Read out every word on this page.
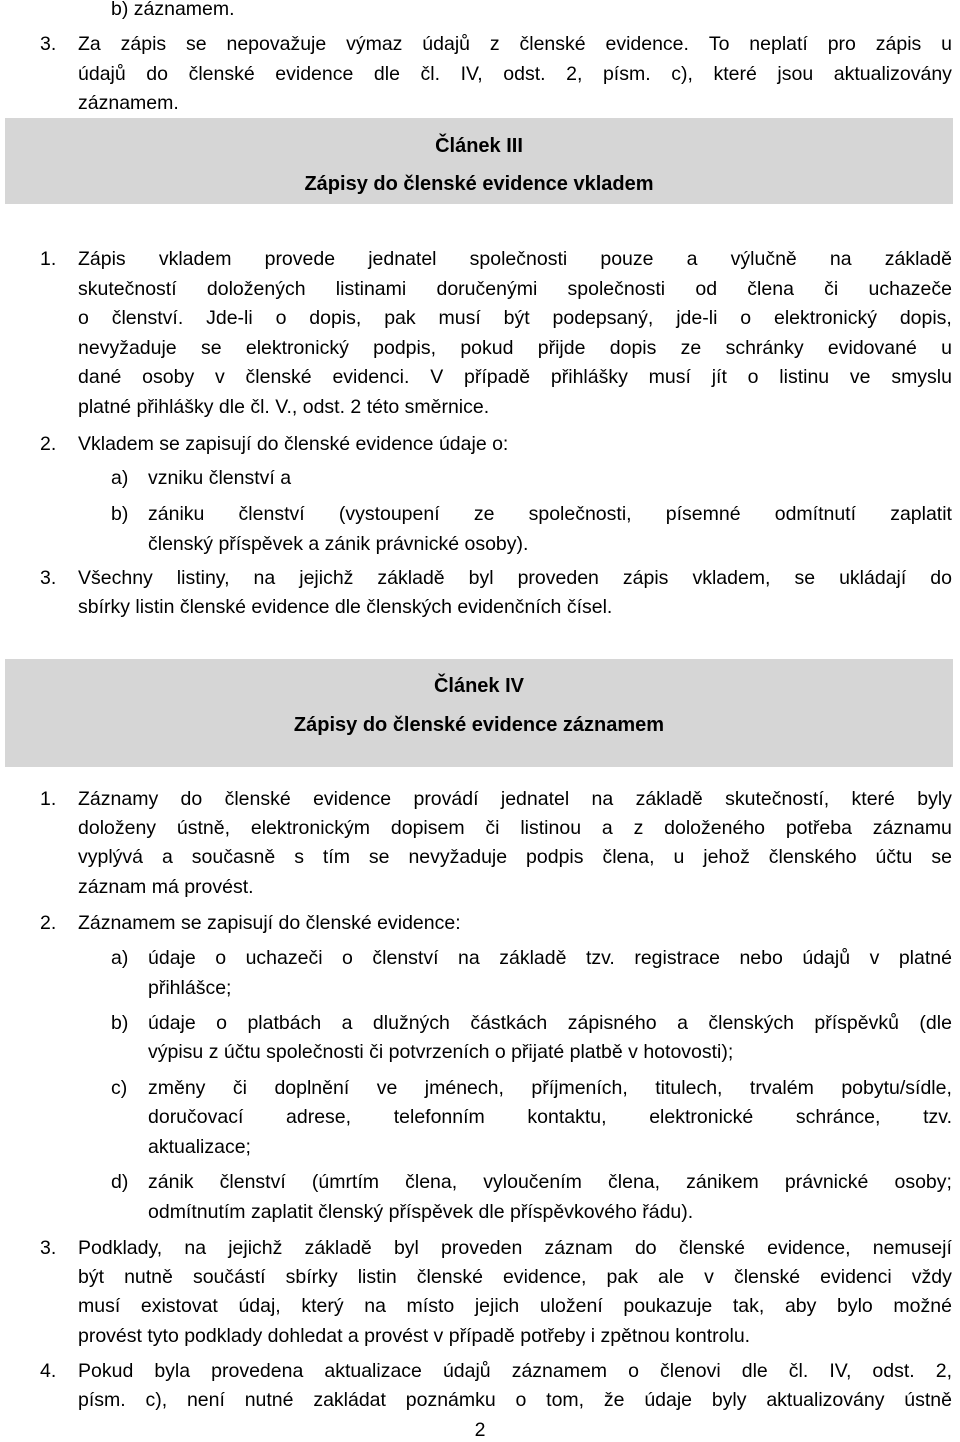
b) záznamem.
3. Za zápis se nepovažuje výmaz údajů z členské evidence. To neplatí pro zápis u
údajů do členské evidence dle čl. IV, odst. 2, písm. c), které jsou aktualizovány
záznamem.
Článek III
Zápisy do členské evidence vkladem
1. Zápis vkladem provede jednatel společnosti pouze a výlučně na základě
skutečností doložených listinami doručenými společnosti od člena či uchazeče
o členství. Jde-li o dopis, pak musí být podepsaný, jde-li o elektronický dopis,
nevyžaduje se elektronický podpis, pokud přijde dopis ze schránky evidované u
dané osoby v členské evidenci. V případě přihlášky musí jít o listinu ve smyslu
platné přihlášky dle čl. V., odst. 2 této směrnice.
2. Vkladem se zapisují do členské evidence údaje o:
a) vzniku členství a
b) zániku členství (vystoupení ze společnosti, písemné odmítnutí zaplatit
členský příspěvek a zánik právnické osoby).
3. Všechny listiny, na jejichž základě byl proveden zápis vkladem, se ukládají do
sbírky listin členské evidence dle členských evidenčních čísel.
Článek IV
Zápisy do členské evidence záznamem
1. Záznamy do členské evidence provádí jednatel na základě skutečností, které byly
doloženy ústně, elektronickým dopisem či listinou a z doloženého potřeba záznamu
vyplývá a současně s tím se nevyžaduje podpis člena, u jehož členského účtu se
záznam má provést.
2. Záznamem se zapisují do členské evidence:
a) údaje o uchazeči o členství na základě tzv. registrace nebo údajů v platné
přihlášce;
b) údaje o platbách a dlužných částkách zápisného a členských příspěvků (dle
výpisu z účtu společnosti či potvrzeních o přijaté platbě v hotovosti);
c) změny či doplnění ve jménech, příjmeních, titulech, trvalém pobytu/sídle,
doručovací adrese, telefonním kontaktu, elektronické schránce, tzv.
aktualizace;
d) zánik členství (úmrtím člena, vyloučením člena, zánikem právnické osoby;
odmítnutím zaplatit členský příspěvek dle příspěvkového řádu).
3. Podklady, na jejichž základě byl proveden záznam do členské evidence, nemusejí
být nutně součástí sbírky listin členské evidence, pak ale v členské evidenci vždy
musí existovat údaj, který na místo jejich uložení poukazuje tak, aby bylo možné
provést tyto podklady dohledat a provést v případě potřeby i zpětnou kontrolu.
4. Pokud byla provedena aktualizace údajů záznamem o členovi dle čl. IV, odst. 2,
písm. c), není nutné zakládat poznámku o tom, že údaje byly aktualizovány ústně
2
